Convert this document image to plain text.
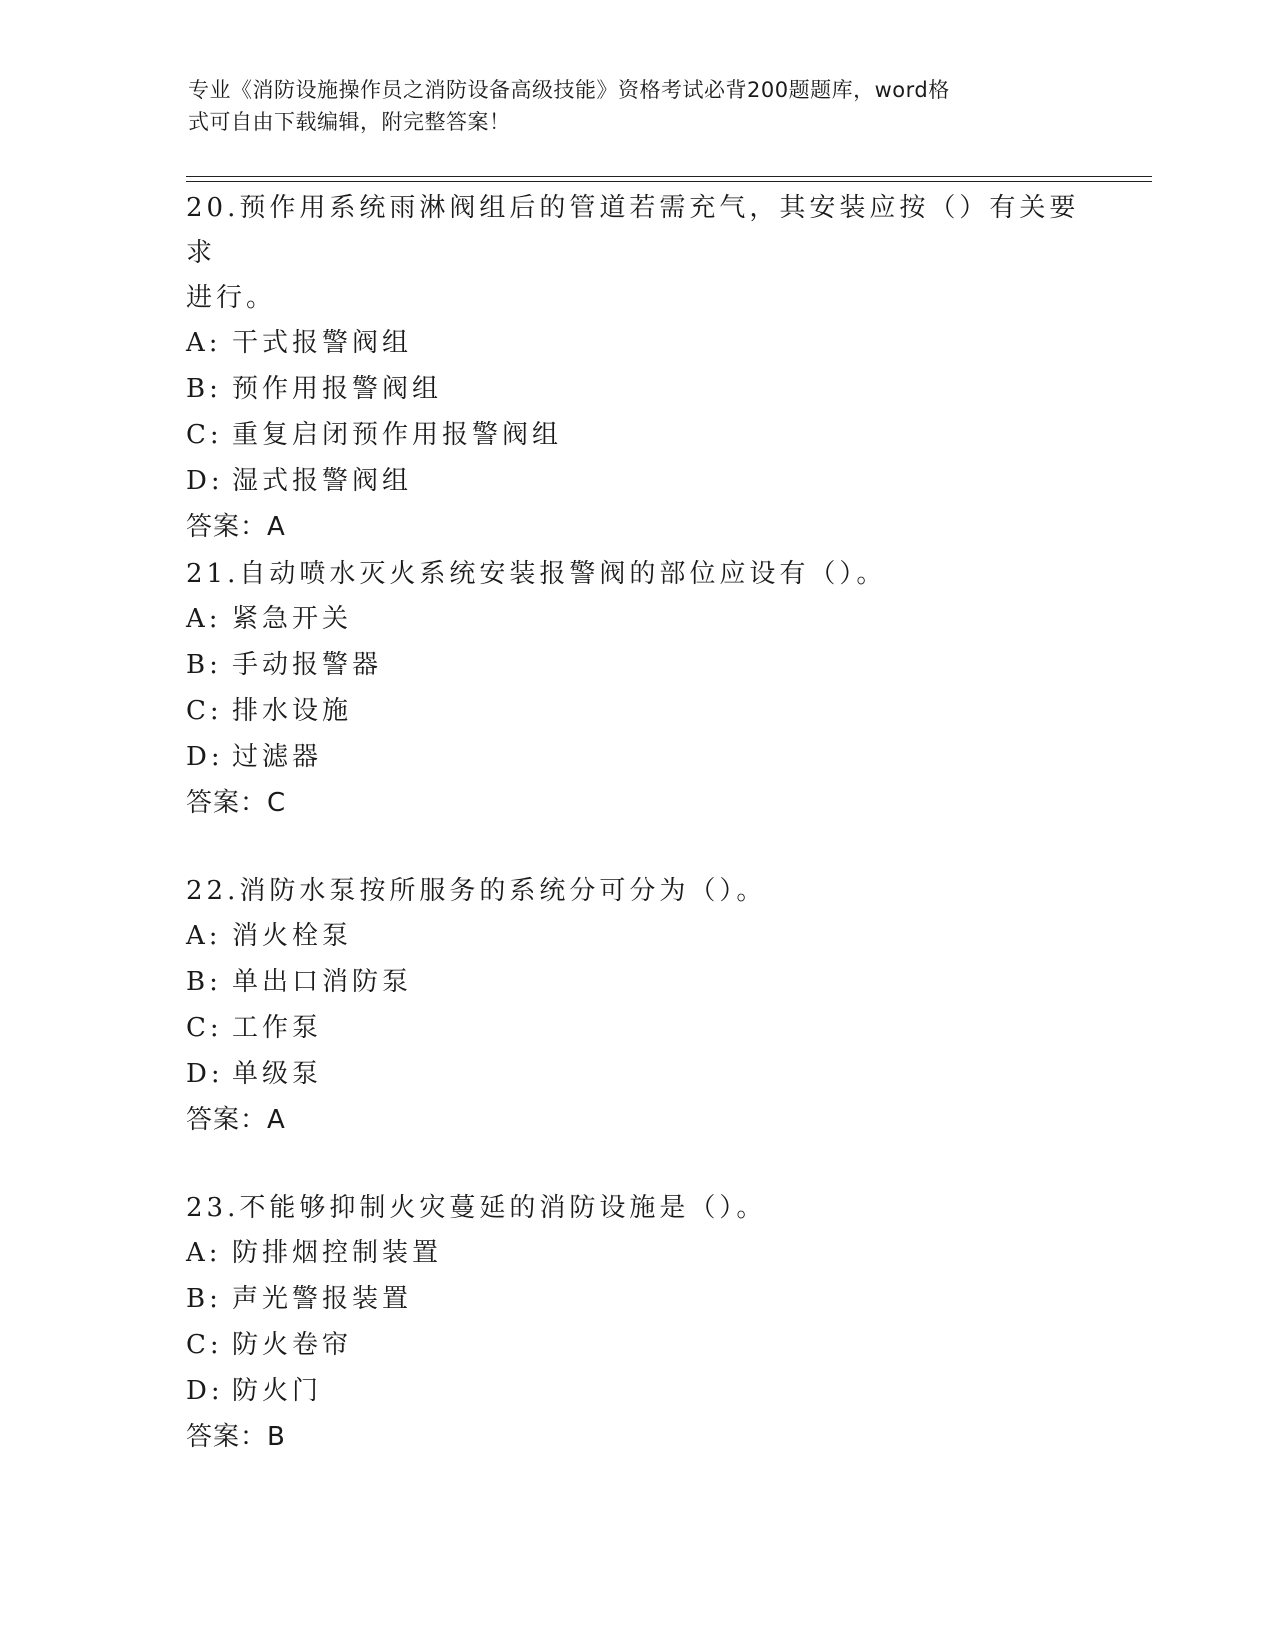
专业《消防设施操作员之消防设备高级技能》资格考试必背200题题库，word格
式可自由下载编辑，附完整答案！
20.预作用系统雨淋阀组后的管道若需充气，其安装应按（）有关要求
进行。
A: 干式报警阀组
B: 预作用报警阀组
C: 重复启闭预作用报警阀组
D: 湿式报警阀组
答案：A
21.自动喷水灭火系统安装报警阀的部位应设有（）。
A: 紧急开关
B: 手动报警器
C: 排水设施
D: 过滤器
答案：C
22.消防水泵按所服务的系统分可分为（）。
A: 消火栓泵
B: 单出口消防泵
C: 工作泵
D: 单级泵
答案：A
23.不能够抑制火灾蔓延的消防设施是（）。
A: 防排烟控制装置
B: 声光警报装置
C: 防火卷帘
D: 防火门
答案：B
